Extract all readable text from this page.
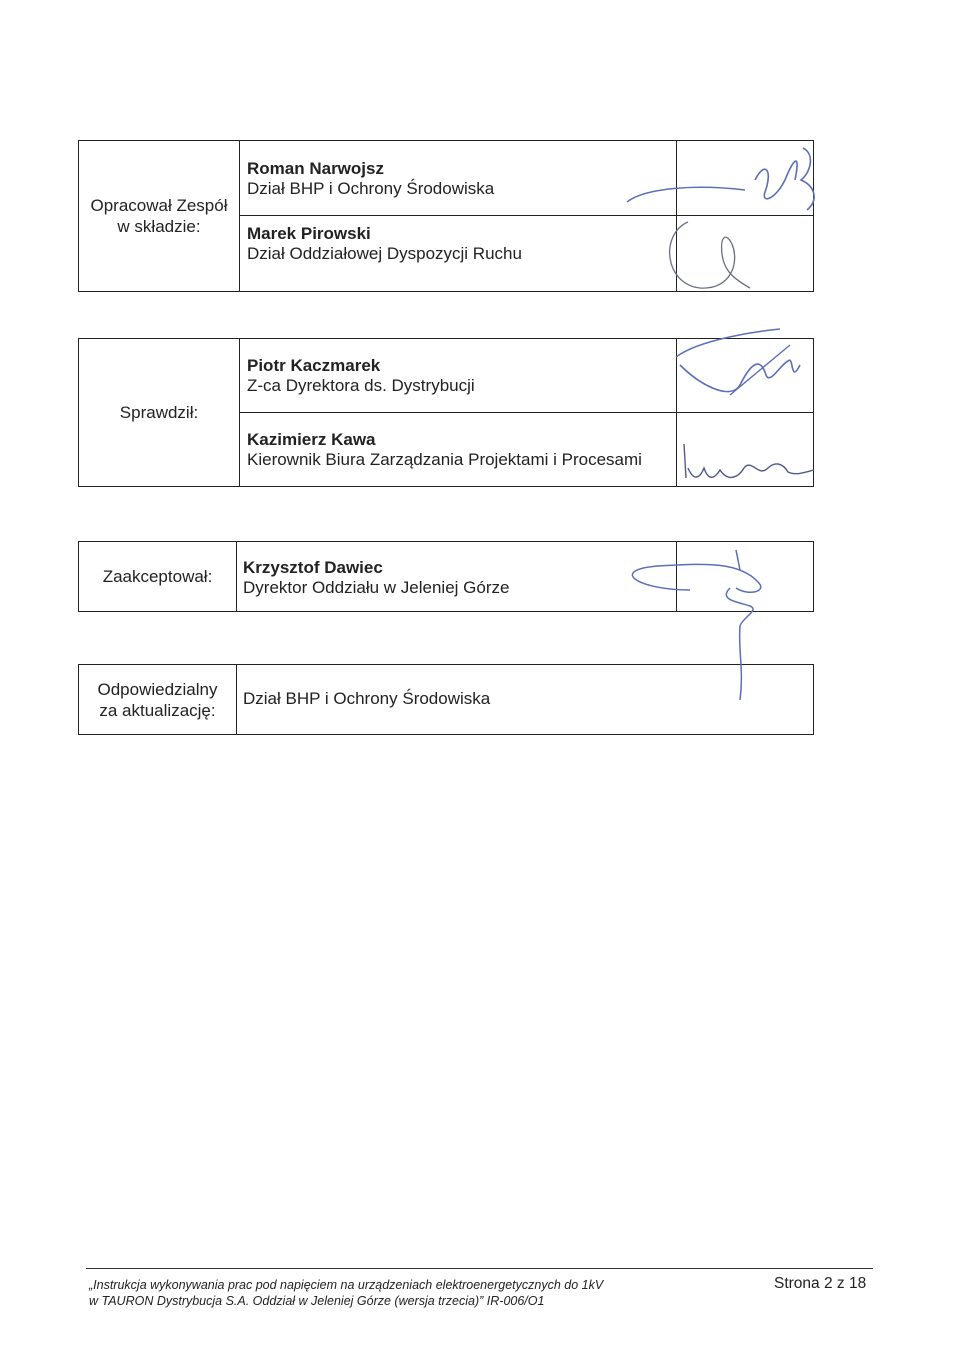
Opracował Zespół
w składzie:
Roman Narwojsz
Dział BHP i Ochrony Środowiska
Marek Pirowski
Dział Oddziałowej Dyspozycji Ruchu
Sprawdził:
Piotr Kaczmarek
Z-ca Dyrektora ds. Dystrybucji
Kazimierz Kawa
Kierownik Biura Zarządzania Projektami i Procesami
Zaakceptował: Krzysztof Dawiec
Dyrektor Oddziału w Jeleniej Górze
Odpowiedzialny
za aktualizację:
Dział BHP i Ochrony Środowiska
„Instrukcja wykonywania prac pod napięciem na urządzeniach elektroenergetycznych do 1kV
w TAURON Dystrybucja S.A. Oddział w Jeleniej Górze (wersja trzecia)” IR-006/O1
Strona 2 z 18
